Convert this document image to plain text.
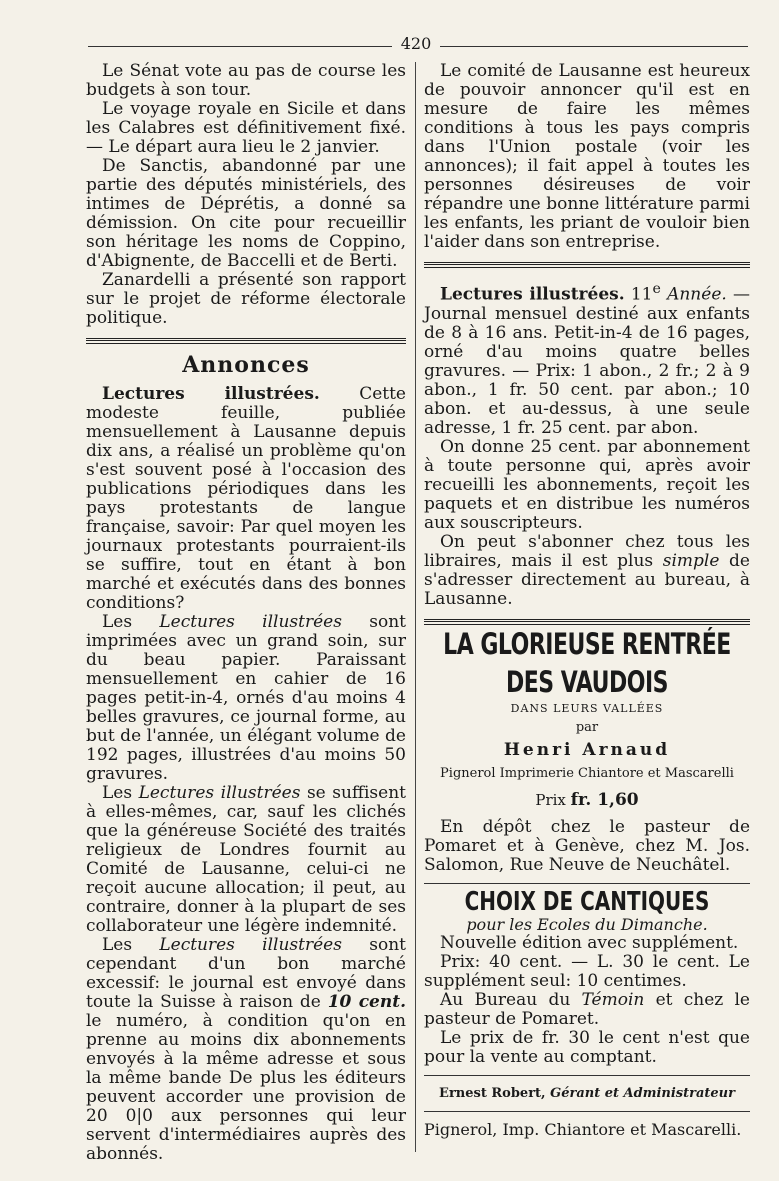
420

Le Sénat vote au pas de course les budgets à son tour.

Le voyage royale en Sicile et dans les Calabres est définitivement fixé. — Le départ aura lieu le 2 janvier.

De Sanctis, abandonné par une partie des députés ministériels, des intimes de Déprétis, a donné sa démission. On cite pour recueillir son héritage les noms de Coppino, d'Abignente, de Baccelli et de Berti.

Zanardelli a présenté son rapport sur le projet de réforme électorale politique.

Annonces

Lectures illustrées. Cette modeste feuille, publiée mensuellement à Lausanne depuis dix ans, a réalisé un problème qu'on s'est souvent posé à l'occasion des publications périodiques dans les pays protestants de langue française, savoir: Par quel moyen les journaux protestants pourraient-ils se suffire, tout en étant à bon marché et exécutés dans des bonnes conditions?

Les Lectures illustrées sont imprimées avec un grand soin, sur du beau papier. Paraissant mensuellement en cahier de 16 pages petit-in-4, ornés d'au moins 4 belles gravures, ce journal forme, au but de l'année, un élégant volume de 192 pages, illustrées d'au moins 50 gravures.

Les Lectures illustrées se suffisent à elles-mêmes, car, sauf les clichés que la généreuse Société des traités religieux de Londres fournit au Comité de Lausanne, celui-ci ne reçoit aucune allocation; il peut, au contraire, donner à la plupart de ses collaborateur une légère indemnité.

Les Lectures illustrées sont cependant d'un bon marché excessif: le journal est envoyé dans toute la Suisse à raison de 10 cent. le numéro, à condition qu'on en prenne au moins dix abonnements envoyés à la même adresse et sous la même bande De plus les éditeurs peuvent accorder une provision de 20 0|0 aux personnes qui leur servent d'intermédiaires auprès des abonnés.

Le comité de Lausanne est heureux de pouvoir annoncer qu'il est en mesure de faire les mêmes conditions à tous les pays compris dans l'Union postale (voir les annonces); il fait appel à toutes les personnes désireuses de voir répandre une bonne littérature parmi les enfants, les priant de vouloir bien l'aider dans son entreprise.

Lectures illustrées. 11e Année. — Journal mensuel destiné aux enfants de 8 à 16 ans. Petit-in-4 de 16 pages, orné d'au moins quatre belles gravures. — Prix: 1 abon., 2 fr.; 2 à 9 abon., 1 fr. 50 cent. par abon.; 10 abon. et au-dessus, à une seule adresse, 1 fr. 25 cent. par abon.

On donne 25 cent. par abonnement à toute personne qui, après avoir recueilli les abonnements, reçoit les paquets et en distribue les numéros aux souscripteurs.

On peut s'abonner chez tous les libraires, mais il est plus simple de s'adresser directement au bureau, à Lausanne.

LA GLORIEUSE RENTRÉE DES VAUDOIS
DANS LEURS VALLÉES
par
Henri Arnaud
Pignerol Imprimerie Chiantore et Mascarelli
Prix fr. 1,60

En dépôt chez le pasteur de Pomaret et à Genève, chez M. Jos. Salomon, Rue Neuve de Neuchâtel.

CHOIX DE CANTIQUES
pour les Ecoles du Dimanche.

Nouvelle édition avec supplément.

Prix: 40 cent. — L. 30 le cent. Le supplément seul: 10 centimes.

Au Bureau du Témoin et chez le pasteur de Pomaret.

Le prix de fr. 30 le cent n'est que pour la vente au comptant.

Ernest Robert, Gérant et Administrateur
Pignerol, Imp. Chiantore et Mascarelli.
